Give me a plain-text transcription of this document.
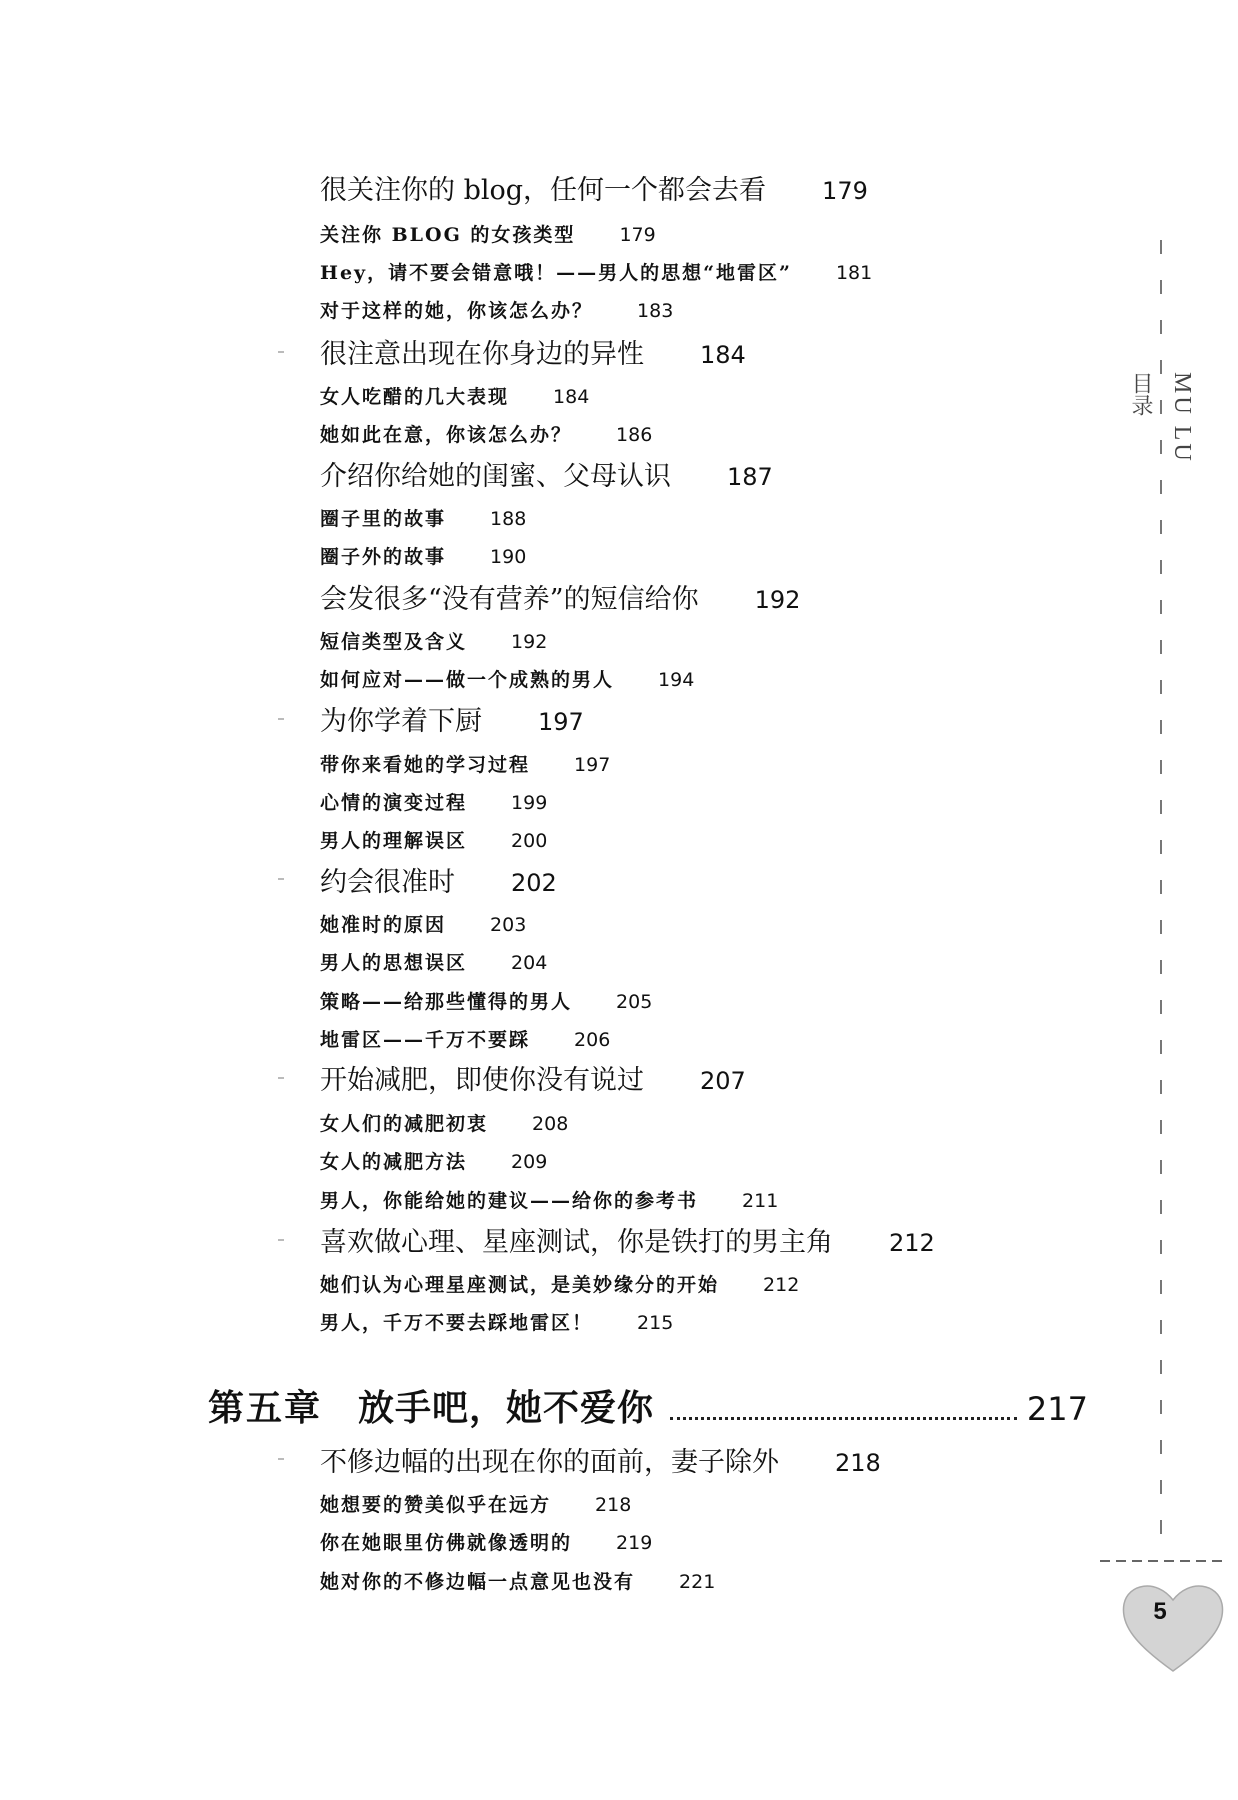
很关注你的 blog，任何一个都会去看 179
关注你 BLOG 的女孩类型 179
Hey，请不要会错意哦！——男人的思想“地雷区” 181
对于这样的她，你该怎么办？ 183
很注意出现在你身边的异性 184
女人吃醋的几大表现 184
她如此在意，你该怎么办？ 186
介绍你给她的闺蜜、父母认识 187
圈子里的故事 188
圈子外的故事 190
会发很多“没有营养”的短信给你 192
短信类型及含义 192
如何应对——做一个成熟的男人 194
为你学着下厨 197
带你来看她的学习过程 197
心情的演变过程 199
男人的理解误区 200
约会很准时 202
她准时的原因 203
男人的思想误区 204
策略——给那些懂得的男人 205
地雷区——千万不要踩 206
开始减肥，即使你没有说过 207
女人们的减肥初衷 208
女人的减肥方法 209
男人，你能给她的建议——给你的参考书 211
喜欢做心理、星座测试，你是铁打的男主角 212
她们认为心理星座测试，是美妙缘分的开始 212
男人，千万不要去踩地雷区！ 215
第五章 放手吧，她不爱你	217
不修边幅的出现在你的面前，妻子除外 218
她想要的赞美似乎在远方 218
你在她眼里仿佛就像透明的 219
她对你的不修边幅一点意见也没有 221
目录 MU LU
5
